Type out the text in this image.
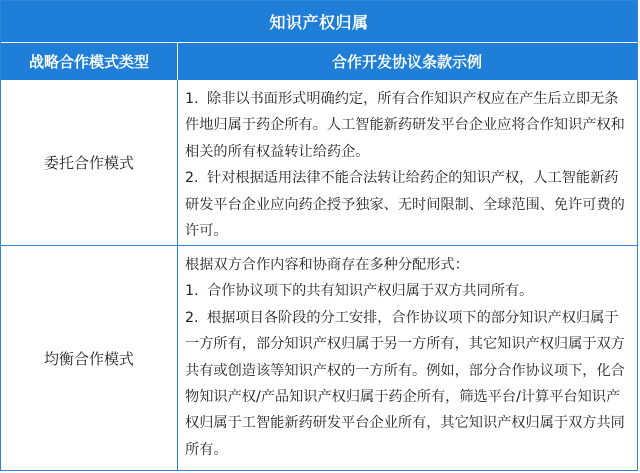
知识产权归属
战略合作模式类型	合作开发协议条款示例
委托合作模式

1. 除非以书面形式明确约定，所有合作知识产权应在产生后立即无条件地归属于药企所有。人工智能新药研发平台企业应将合作知识产权和相关的所有权益转让给药企。

2. 针对根据适用法律不能合法转让给药企的知识产权，人工智能新药研发平台企业应向药企授予独家、无时间限制、全球范围、免许可费的许可。

均衡合作模式

根据双方合作内容和协商存在多种分配形式：

1. 合作协议项下的共有知识产权归属于双方共同所有。

2. 根据项目各阶段的分工安排，合作协议项下的部分知识产权归属于一方所有，部分知识产权归属于另一方所有，其它知识产权归属于双方共有或创造该等知识产权的一方所有。例如，部分合作协议项下，化合物知识产权/产品知识产权归属于药企所有，筛选平台/计算平台知识产权归属于工智能新药研发平台企业所有，其它知识产权归属于双方共同所有。
